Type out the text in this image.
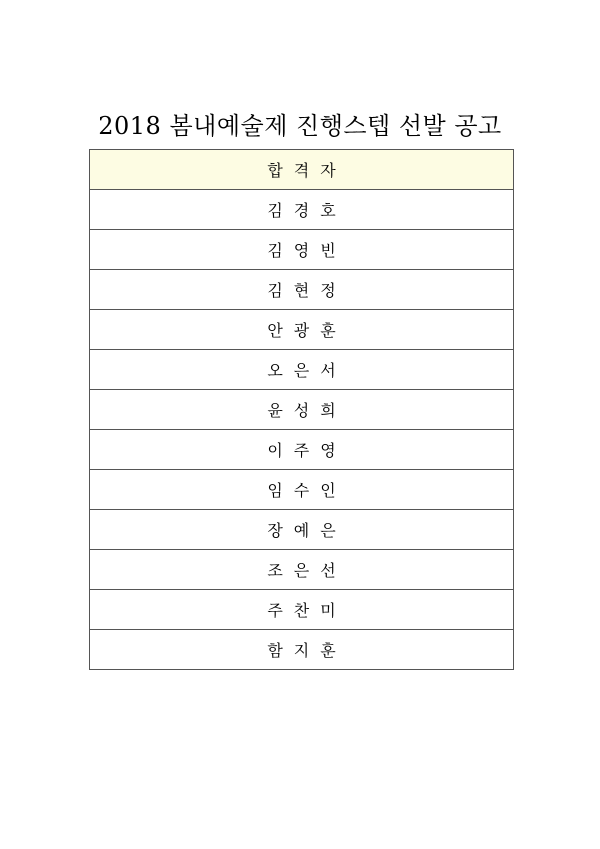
2018 봄내예술제 진행스텝 선발 공고
합격자
김경호
김영빈
김현정
안광훈
오은서
윤성희
이주영
임수인
장예은
조은선
주찬미
함지훈
